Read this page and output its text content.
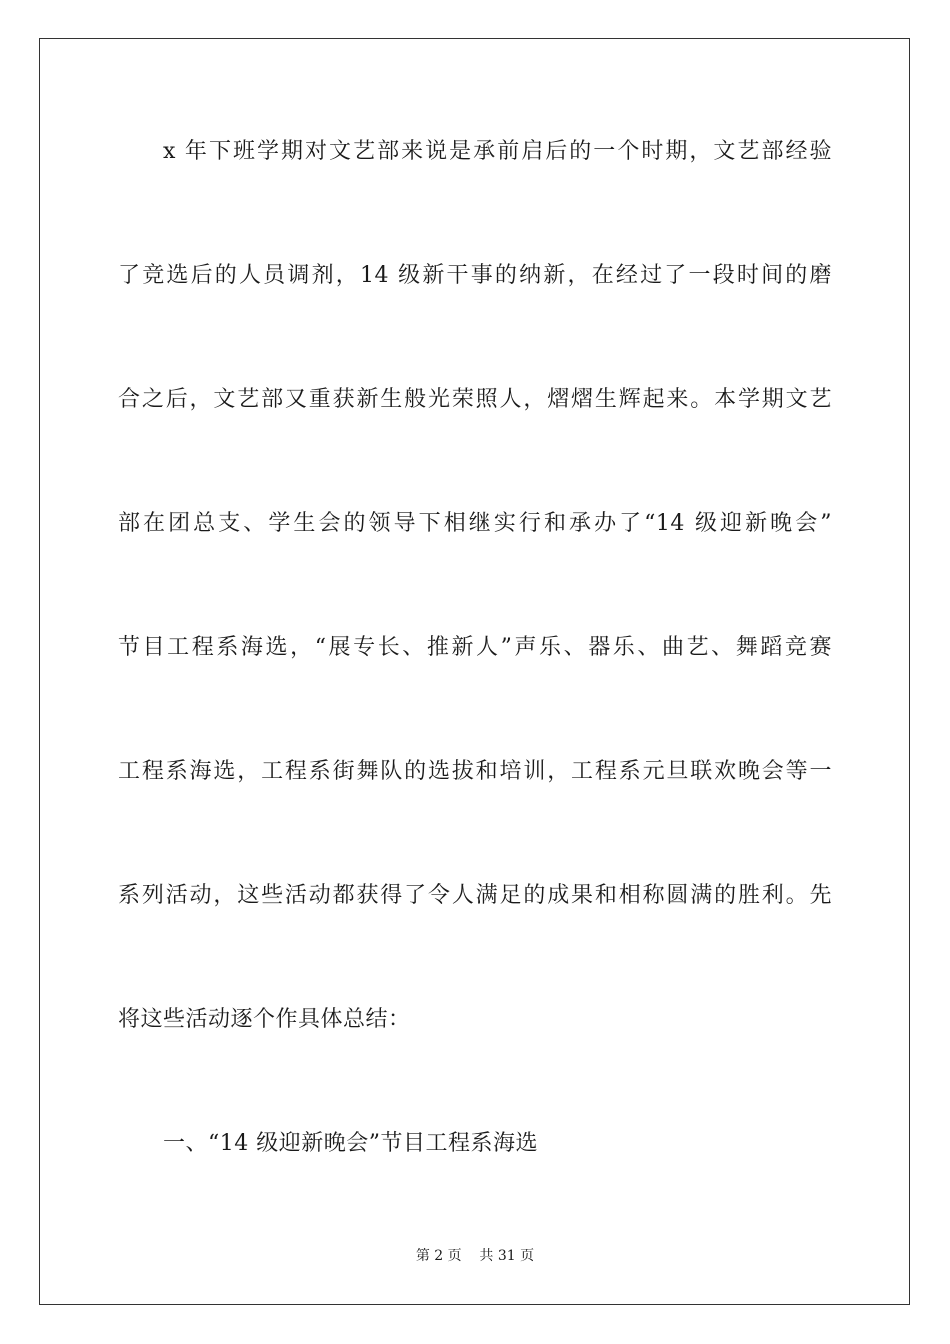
x 年下班学期对文艺部来说是承前启后的一个时期，文艺部经验
了竞选后的人员调剂，14 级新干事的纳新，在经过了一段时间的磨
合之后，文艺部又重获新生般光荣照人，熠熠生辉起来。本学期文艺
部在团总支、学生会的领导下相继实行和承办了“14 级迎新晚会”
节目工程系海选，“展专长、推新人”声乐、器乐、曲艺、舞蹈竞赛
工程系海选，工程系街舞队的选拔和培训，工程系元旦联欢晚会等一
系列活动，这些活动都获得了令人满足的成果和相称圆满的胜利。先
将这些活动逐个作具体总结：
一、“14 级迎新晚会”节目工程系海选
第 2 页    共 31 页
